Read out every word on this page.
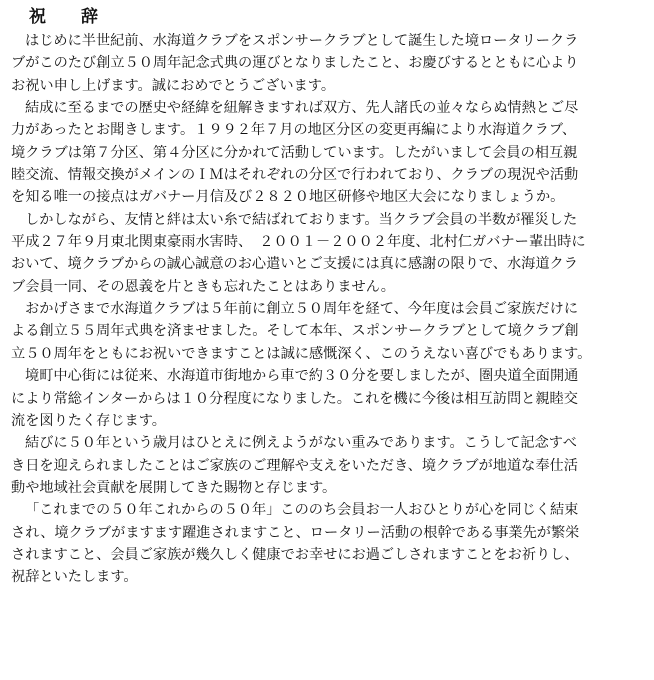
祝　辞

はじめに半世紀前、水海道クラブをスポンサークラブとして誕生した境ロータリークラ
ブがこのたび創立５０周年記念式典の運びとなりましたこと、お慶びするとともに心より
お祝い申し上げます。誠におめでとうございます。

結成に至るまでの歴史や経緯を紐解きますれば双方、先人諸氏の並々ならぬ情熱とご尽
力があったとお聞きします。１９９２年７月の地区分区の変更再編により水海道クラブ、
境クラブは第７分区、第４分区に分かれて活動しています。したがいまして会員の相互親
睦交流、情報交換がメインのＩＭはそれぞれの分区で行われており、クラブの現況や活動
を知る唯一の接点はガバナー月信及び２８２０地区研修や地区大会になりましょうか。

しかしながら、友情と絆は太い糸で結ばれております。当クラブ会員の半数が罹災した
平成２７年９月東北関東豪雨水害時、　２００１－２００２年度、北村仁ガバナー輩出時に
おいて、境クラブからの誠心誠意のお心遣いとご支援には真に感謝の限りで、水海道クラ
ブ会員一同、その恩義を片ときも忘れたことはありません。

おかげさまで水海道クラブは５年前に創立５０周年を経て、今年度は会員ご家族だけに
よる創立５５周年式典を済ませました。そして本年、スポンサークラブとして境クラブ創
立５０周年をともにお祝いできますことは誠に感慨深く、このうえない喜びでもあります。

境町中心街には従来、水海道市街地から車で約３０分を要しましたが、圏央道全面開通
により常総インターからは１０分程度になりました。これを機に今後は相互訪問と親睦交
流を図りたく存じます。

結びに５０年という歳月はひとえに例えようがない重みであります。こうして記念すべ
き日を迎えられましたことはご家族のご理解や支えをいただき、境クラブが地道な奉仕活
動や地域社会貢献を展開してきた賜物と存じます。

「これまでの５０年これからの５０年」こののち会員お一人おひとりが心を同じく結束
され、境クラブがますます躍進されますこと、ロータリー活動の根幹である事業先が繁栄
されますこと、会員ご家族が幾久しく健康でお幸せにお過ごしされますことをお祈りし、
祝辞といたします。
